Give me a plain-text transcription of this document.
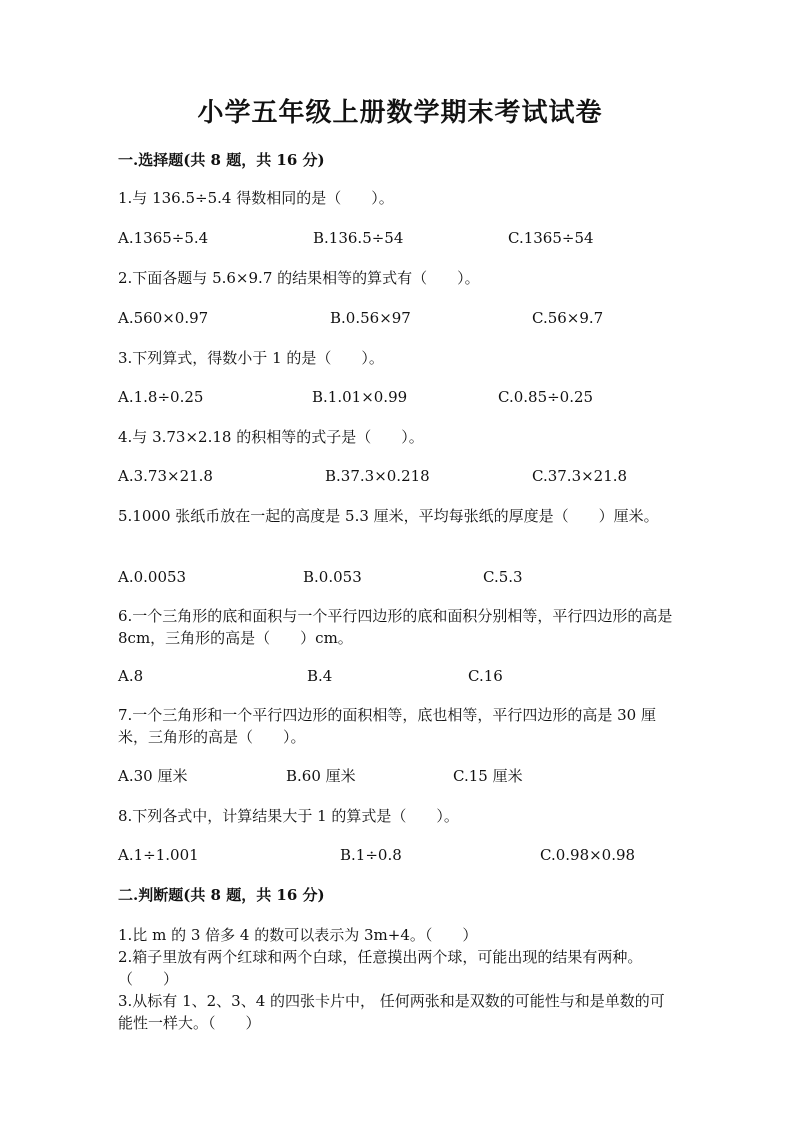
小学五年级上册数学期末考试试卷
一.选择题(共 8 题，共 16 分)
1.与 136.5÷5.4 得数相同的是（　　）。
A.1365÷5.4	B.136.5÷54	C.1365÷54
2.下面各题与 5.6×9.7 的结果相等的算式有（　　）。
A.560×0.97	B.0.56×97	C.56×9.7
3.下列算式，得数小于 1 的是（　　）。
A.1.8÷0.25	B.1.01×0.99	C.0.85÷0.25
4.与 3.73×2.18 的积相等的式子是（　　）。
A.3.73×21.8	B.37.3×0.218	C.37.3×21.8
5.1000 张纸币放在一起的高度是 5.3 厘米，平均每张纸的厚度是（　　）厘米。
A.0.0053	B.0.053	C.5.3
6.一个三角形的底和面积与一个平行四边形的底和面积分别相等，平行四边形的高是 8cm，三角形的高是（　　）cm。
A.8	B.4	C.16
7.一个三角形和一个平行四边形的面积相等，底也相等，平行四边形的高是 30 厘米，三角形的高是（　　）。
A.30 厘米	B.60 厘米	C.15 厘米
8.下列各式中，计算结果大于 1 的算式是（　　）。
A.1÷1.001	B.1÷0.8	C.0.98×0.98
二.判断题(共 8 题，共 16 分)
1.比 m 的 3 倍多 4 的数可以表示为 3m+4。（　　）
2.箱子里放有两个红球和两个白球，任意摸出两个球，可能出现的结果有两种。（　　）
3.从标有 1、2、3、4 的四张卡片中， 任何两张和是双数的可能性与和是单数的可能性一样大。（　　）
